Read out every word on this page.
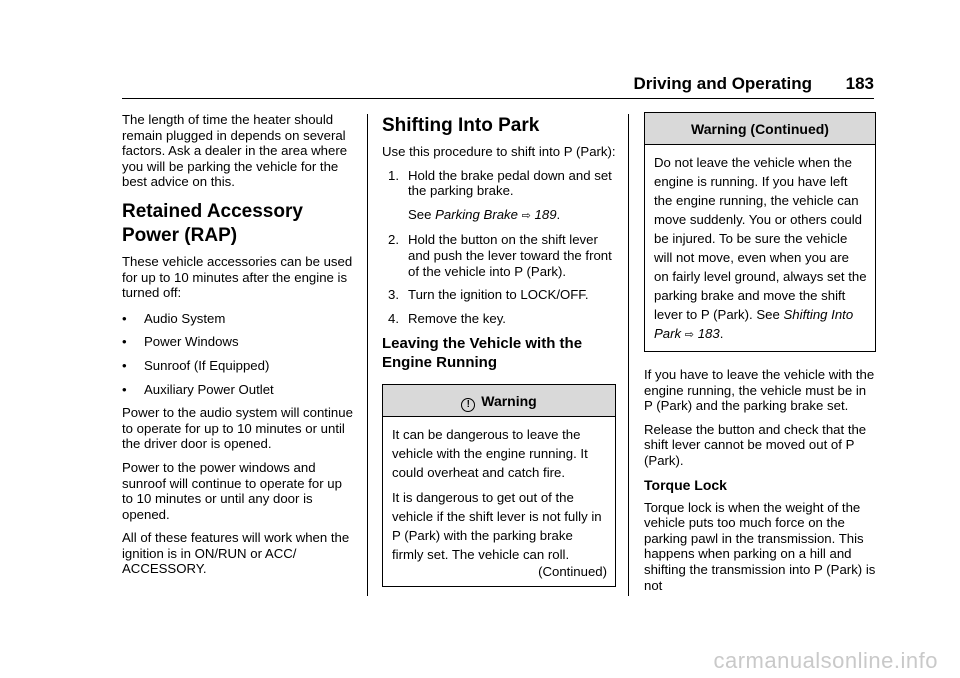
Driving and Operating 183

The length of time the heater should remain plugged in depends on several factors. Ask a dealer in the area where you will be parking the vehicle for the best advice on this.

Retained Accessory
Power (RAP)

These vehicle accessories can be used for up to 10 minutes after the engine is turned off:

•	Audio System
•	Power Windows
•	Sunroof (If Equipped)
•	Auxiliary Power Outlet

Power to the audio system will continue to operate for up to 10 minutes or until the driver door is opened.

Power to the power windows and sunroof will continue to operate for up to 10 minutes or until any door is opened.

All of these features will work when the ignition is in ON/RUN or ACC/ ACCESSORY.

Shifting Into Park

Use this procedure to shift into P (Park):

1. Hold the brake pedal down and set the parking brake.
See Parking Brake ⇨ 189.
2. Hold the button on the shift lever and push the lever toward the front of the vehicle into P (Park).
3. Turn the ignition to LOCK/OFF.
4. Remove the key.
Leaving the Vehicle with the Engine Running
! Warning

It can be dangerous to leave the vehicle with the engine running. It could overheat and catch fire.

It is dangerous to get out of the vehicle if the shift lever is not fully in P (Park) with the parking brake firmly set. The vehicle can roll.

(Continued)
Warning (Continued)

Do not leave the vehicle when the engine is running. If you have left the engine running, the vehicle can move suddenly. You or others could be injured. To be sure the vehicle will not move, even when you are on fairly level ground, always set the parking brake and move the shift lever to P (Park). See Shifting Into Park ⇨ 183.

If you have to leave the vehicle with the engine running, the vehicle must be in P (Park) and the parking brake set.

Release the button and check that the shift lever cannot be moved out of P (Park).

Torque Lock

Torque lock is when the weight of the vehicle puts too much force on the parking pawl in the transmission. This happens when parking on a hill and shifting the transmission into P (Park) is not

carmanualsonline.info
